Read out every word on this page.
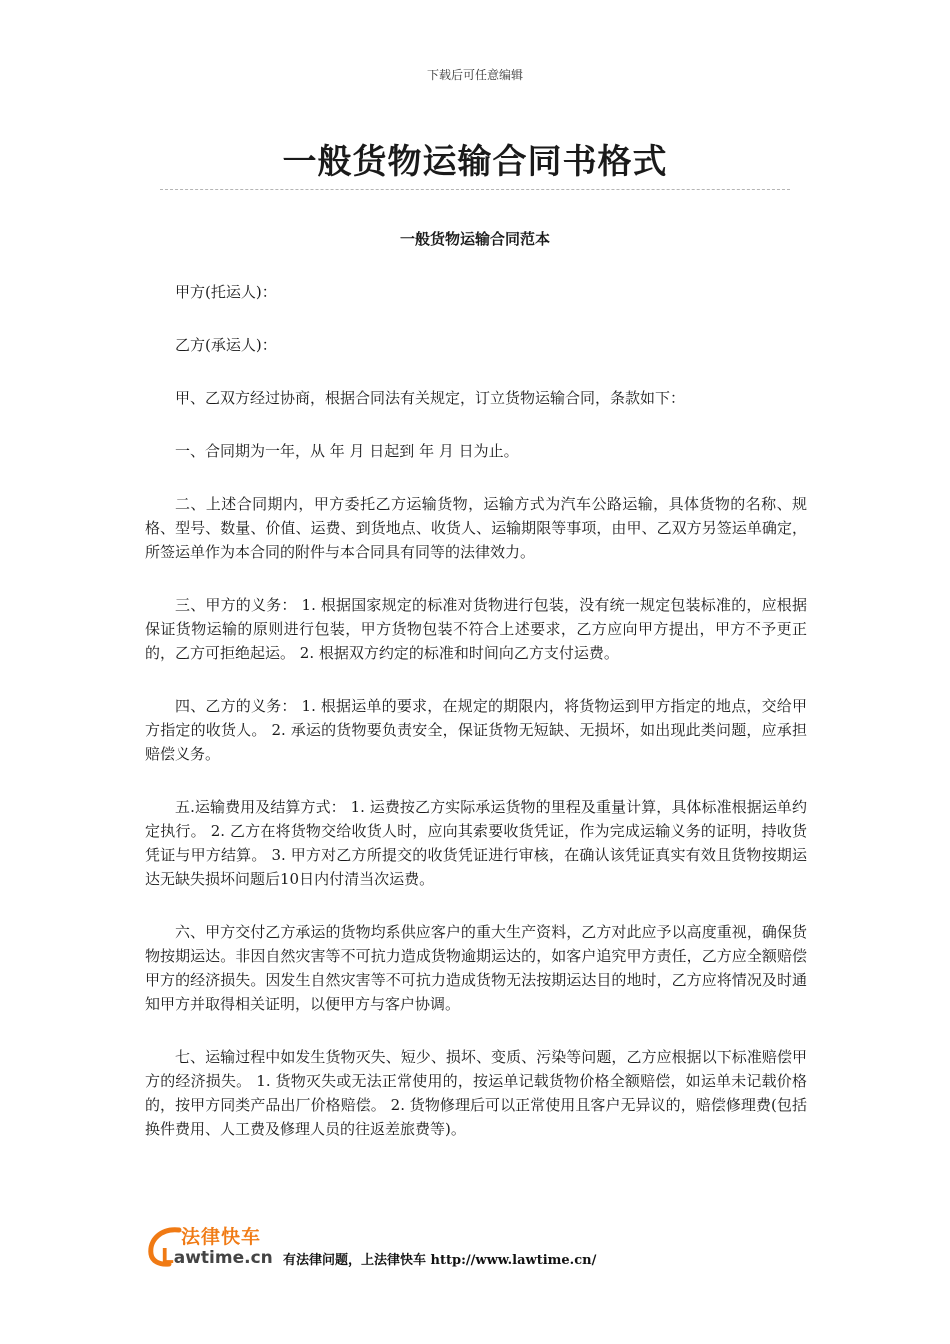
下载后可任意编辑
一般货物运输合同书格式
一般货物运输合同范本

甲方(托运人)：

乙方(承运人)：

甲、乙双方经过协商，根据合同法有关规定，订立货物运输合同，条款如下：

一、合同期为一年，从 年 月 日起到 年 月 日为止。

二、上述合同期内，甲方委托乙方运输货物，运输方式为汽车公路运输，具体货物的名称、规格、型号、数量、价值、运费、到货地点、收货人、运输期限等事项，由甲、乙双方另签运单确定，所签运单作为本合同的附件与本合同具有同等的法律效力。

三、甲方的义务： 1. 根据国家规定的标准对货物进行包装，没有统一规定包装标准的，应根据保证货物运输的原则进行包装，甲方货物包装不符合上述要求，乙方应向甲方提出，甲方不予更正的，乙方可拒绝起运。 2. 根据双方约定的标准和时间向乙方支付运费。

四、乙方的义务： 1. 根据运单的要求，在规定的期限内，将货物运到甲方指定的地点，交给甲方指定的收货人。 2. 承运的货物要负责安全，保证货物无短缺、无损坏，如出现此类问题，应承担赔偿义务。

五.运输费用及结算方式： 1. 运费按乙方实际承运货物的里程及重量计算，具体标准根据运单约定执行。 2. 乙方在将货物交给收货人时，应向其索要收货凭证，作为完成运输义务的证明，持收货凭证与甲方结算。 3. 甲方对乙方所提交的收货凭证进行审核，在确认该凭证真实有效且货物按期运达无缺失损坏问题后10日内付清当次运费。

六、甲方交付乙方承运的货物均系供应客户的重大生产资料，乙方对此应予以高度重视，确保货物按期运达。非因自然灾害等不可抗力造成货物逾期运达的，如客户追究甲方责任，乙方应全额赔偿甲方的经济损失。因发生自然灾害等不可抗力造成货物无法按期运达目的地时，乙方应将情况及时通知甲方并取得相关证明，以便甲方与客户协调。

七、运输过程中如发生货物灭失、短少、损坏、变质、污染等问题，乙方应根据以下标准赔偿甲方的经济损失。 1. 货物灭失或无法正常使用的，按运单记载货物价格全额赔偿，如运单未记载价格的，按甲方同类产品出厂价格赔偿。 2. 货物修理后可以正常使用且客户无异议的，赔偿修理费(包括换件费用、人工费及修理人员的往返差旅费等)。

法律快车
Lawtime.cn 有法律问题，上法律快车 http://www.lawtime.cn/
